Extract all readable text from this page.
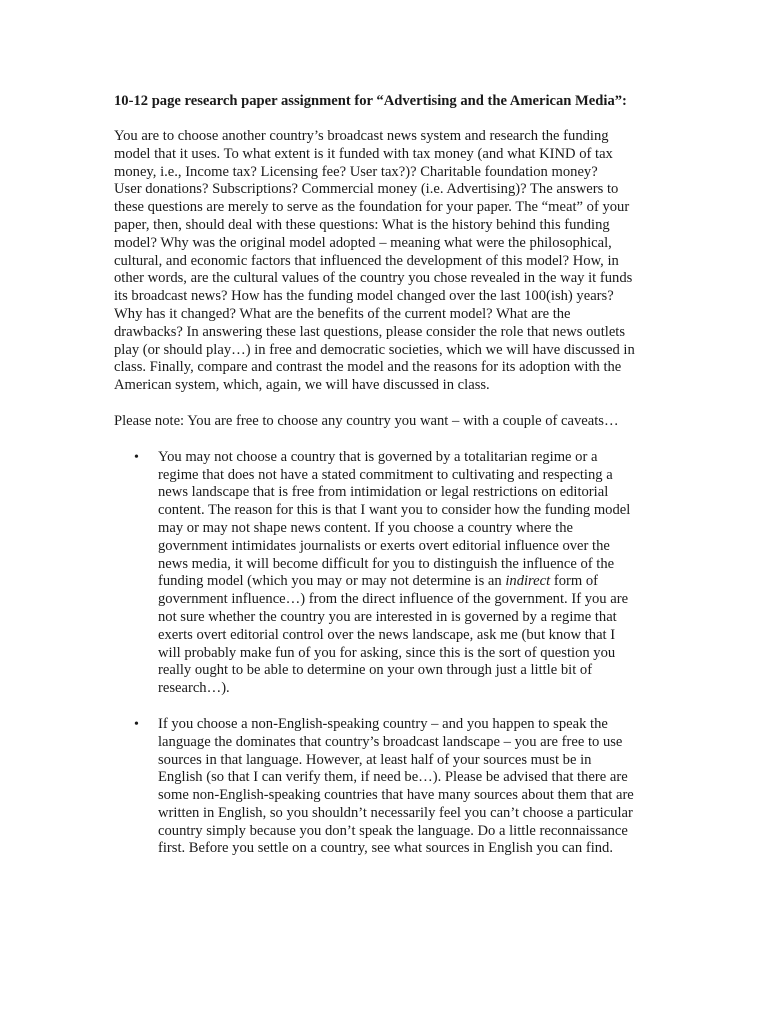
10-12 page research paper assignment for “Advertising and the American Media”:
You are to choose another country’s broadcast news system and research the funding
model that it uses. To what extent is it funded with tax money (and what KIND of tax
money, i.e., Income tax? Licensing fee? User tax?)? Charitable foundation money?
User donations? Subscriptions? Commercial money (i.e. Advertising)? The answers to
these questions are merely to serve as the foundation for your paper. The “meat” of your
paper, then, should deal with these questions: What is the history behind this funding
model? Why was the original model adopted – meaning what were the philosophical,
cultural, and economic factors that influenced the development of this model? How, in
other words, are the cultural values of the country you chose revealed in the way it funds
its broadcast news? How has the funding model changed over the last 100(ish) years?
Why has it changed? What are the benefits of the current model? What are the
drawbacks? In answering these last questions, please consider the role that news outlets
play (or should play…) in free and democratic societies, which we will have discussed in
class. Finally, compare and contrast the model and the reasons for its adoption with the
American system, which, again, we will have discussed in class.
Please note: You are free to choose any country you want – with a couple of caveats…
• You may not choose a country that is governed by a totalitarian regime or a
regime that does not have a stated commitment to cultivating and respecting a
news landscape that is free from intimidation or legal restrictions on editorial
content. The reason for this is that I want you to consider how the funding model
may or may not shape news content. If you choose a country where the
government intimidates journalists or exerts overt editorial influence over the
news media, it will become difficult for you to distinguish the influence of the
funding model (which you may or may not determine is an indirect form of
government influence…) from the direct influence of the government. If you are
not sure whether the country you are interested in is governed by a regime that
exerts overt editorial control over the news landscape, ask me (but know that I
will probably make fun of you for asking, since this is the sort of question you
really ought to be able to determine on your own through just a little bit of
research…).
• If you choose a non-English-speaking country – and you happen to speak the
language the dominates that country’s broadcast landscape – you are free to use
sources in that language. However, at least half of your sources must be in
English (so that I can verify them, if need be…). Please be advised that there are
some non-English-speaking countries that have many sources about them that are
written in English, so you shouldn’t necessarily feel you can’t choose a particular
country simply because you don’t speak the language. Do a little reconnaissance
first. Before you settle on a country, see what sources in English you can find.
